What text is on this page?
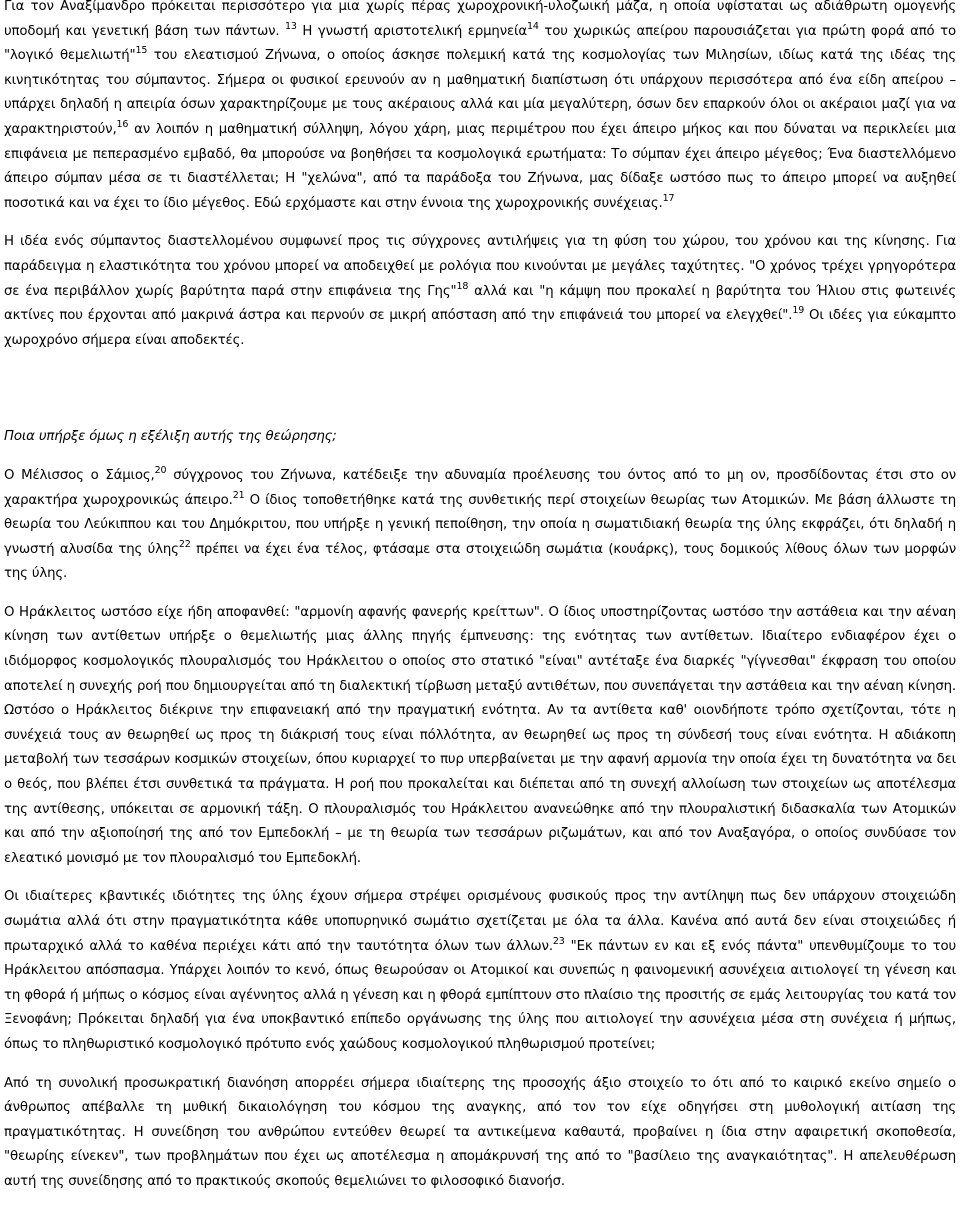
Για τον Αναξίμανδρο πρόκειται περισσότερο για μια χωρίς πέρας χωροχρονική-υλοζωική μάζα, η οποία υφίσταται ως αδιάθρωτη ομογενής υποδομή και γενετική βάση των πάντων. $^{13}$ Η γνωστή αριστοτελική ερμηνεία$^{14}$ του χωρικώς απείρου παρουσιάζεται για πρώτη φορά από το "λογικό θεμελιωτή"$^{15}$ του ελεατισμού Ζήνωνα, ο οποίος άσκησε πολεμική κατά της κοσμολογίας των Μιλησίων, ιδίως κατά της ιδέας της κινητικότητας του σύμπαντος. Σήμερα οι φυσικοί ερευνούν αν η μαθηματική διαπίστωση ότι υπάρχουν περισσότερα από ένα είδη απείρου – υπάρχει δηλαδή η απειρία όσων χαρακτηρίζουμε με τους ακέραιους αλλά και μία μεγαλύτερη, όσων δεν επαρκούν όλοι οι ακέραιοι μαζί για να χαρακτηριστούν,$^{16}$ αν λοιπόν η μαθηματική σύλληψη, λόγου χάρη, μιας περιμέτρου που έχει άπειρο μήκος και που δύναται να περικλείει μια επιφάνεια με πεπερασμένο εμβαδό, θα μπορούσε να βοηθήσει τα κοσμολογικά ερωτήματα: Το σύμπαν έχει άπειρο μέγεθος; Ένα διαστελλόμενο άπειρο σύμπαν μέσα σε τι διαστέλλεται; Η "χελώνα", από τα παράδοξα του Ζήνωνα, μας δίδαξε ωστόσο πως το άπειρο μπορεί να αυξηθεί ποσοτικά και να έχει το ίδιο μέγεθος. Εδώ ερχόμαστε και στην έννοια της χωροχρονικής συνέχειας.$^{17}$

Η ιδέα ενός σύμπαντος διαστελλομένου συμφωνεί προς τις σύγχρονες αντιλήψεις για τη φύση του χώρου, του χρόνου και της κίνησης. Για παράδειγμα η ελαστικότητα του χρόνου μπορεί να αποδειχθεί με ρολόγια που κινούνται με μεγάλες ταχύτητες. "Ο χρόνος τρέχει γρηγορότερα σε ένα περιβάλλον χωρίς βαρύτητα παρά στην επιφάνεια της Γης"$^{18}$ αλλά και "η κάμψη που προκαλεί η βαρύτητα του Ήλιου στις φωτεινές ακτίνες που έρχονται από μακρινά άστρα και περνούν σε μικρή απόσταση από την επιφάνειά του μπορεί να ελεγχθεί".$^{19}$ Οι ιδέες για εύκαμπτο χωροχρόνο σήμερα είναι αποδεκτές.

Ποια υπήρξε όμως η εξέλιξη αυτής της θεώρησης;

Ο Μέλισσος ο Σάμιος,$^{20}$ σύγχρονος του Ζήνωνα, κατέδειξε την αδυναμία προέλευσης του όντος από το μη ον, προσδίδοντας έτσι στο ον χαρακτήρα χωροχρονικώς άπειρο.$^{21}$ Ο ίδιος τοποθετήθηκε κατά της συνθετικής περί στοιχείων θεωρίας των Ατομικών. Με βάση άλλωστε τη θεωρία του Λεύκιππου και του Δημόκριτου, που υπήρξε η γενική πεποίθηση, την οποία η σωματιδιακή θεωρία της ύλης εκφράζει, ότι δηλαδή η γνωστή αλυσίδα της ύλης$^{22}$ πρέπει να έχει ένα τέλος, φτάσαμε στα στοιχειώδη σωμάτια (κουάρκς), τους δομικούς λίθους όλων των μορφών της ύλης.

Ο Ηράκλειτος ωστόσο είχε ήδη αποφανθεί: "αρμονίη αφανής φανερής κρείττων". Ο ίδιος υποστηρίζοντας ωστόσο την αστάθεια και την αέναη κίνηση των αντίθετων υπήρξε ο θεμελιωτής μιας άλλης πηγής έμπνευσης: της ενότητας των αντίθετων. Ιδιαίτερο ενδιαφέρον έχει ο ιδιόμορφος κοσμολογικός πλουραλισμός του Ηράκλειτου ο οποίος στο στατικό "είναι" αντέταξε ένα διαρκές "γίγνεσθαι" έκφραση του οποίου αποτελεί η συνεχής ροή που δημιουργείται από τη διαλεκτική τίρβωση μεταξύ αντιθέτων, που συνεπάγεται την αστάθεια και την αέναη κίνηση. Ωστόσο ο Ηράκλειτος διέκρινε την επιφανειακή από την πραγματική ενότητα. Αν τα αντίθετα καθ' οιονδήποτε τρόπο σχετίζονται, τότε η συνέχειά τους αν θεωρηθεί ως προς τη διάκρισή τους είναι πόλλότητα, αν θεωρηθεί ως προς τη σύνδεσή τους είναι ενότητα. Η αδιάκοπη μεταβολή των τεσσάρων κοσμικών στοιχείων, όπου κυριαρχεί το πυρ υπερβαίνεται με την αφανή αρμονία την οποία έχει τη δυνατότητα να δει ο θεός, που βλέπει έτσι συνθετικά τα πράγματα. Η ροή που προκαλείται και διέπεται από τη συνεχή αλλοίωση των στοιχείων ως αποτέλεσμα της αντίθεσης, υπόκειται σε αρμονική τάξη. Ο πλουραλισμός του Ηράκλειτου ανανεώθηκε από την πλουραλιστική διδασκαλία των Ατομικών και από την αξιοποίησή της από τον Εμπεδοκλή – με τη θεωρία των τεσσάρων ριζωμάτων, και από τον Αναξαγόρα, ο οποίος συνδύασε τον ελεατικό μονισμό με τον πλουραλισμό του Εμπεδοκλή.

Οι ιδιαίτερες κβαντικές ιδιότητες της ύλης έχουν σήμερα στρέψει ορισμένους φυσικούς προς την αντίληψη πως δεν υπάρχουν στοιχειώδη σωμάτια αλλά ότι στην πραγματικότητα κάθε υποπυρηνικό σωμάτιο σχετίζεται με όλα τα άλλα. Κανένα από αυτά δεν είναι στοιχειώδες ή πρωταρχικό αλλά το καθένα περιέχει κάτι από την ταυτότητα όλων των άλλων.$^{23}$ "Εκ πάντων εν και εξ ενός πάντα" υπενθυμίζουμε το του Ηράκλειτου απόσπασμα. Υπάρχει λοιπόν το κενό, όπως θεωρούσαν οι Ατομικοί και συνεπώς η φαινομενική ασυνέχεια αιτιολογεί τη γένεση και τη φθορά ή μήπως ο κόσμος είναι αγέννητος αλλά η γένεση και η φθορά εμπίπτουν στο πλαίσιο της προσιτής σε εμάς λειτουργίας του κατά τον Ξενοφάνη; Πρόκειται δηλαδή για ένα υποκβαντικό επίπεδο οργάνωσης της ύλης που αιτιολογεί την ασυνέχεια μέσα στη συνέχεια ή μήπως, όπως το πληθωριστικό κοσμολογικό πρότυπο ενός χαώδους κοσμολογικού πληθωρισμού προτείνει;

Από τη συνολική προσωκρατική διανόηση απορρέει σήμερα ιδιαίτερης της προσοχής άξιο στοιχείο το ότι από το καιρικό εκείνο σημείο ο άνθρωπος απέβαλλε τη μυθική δικαιολόγηση του κόσμου της αναγκης, από τον τον είχε οδηγήσει στη μυθολογική αιτίαση της πραγματικότητας. Η συνείδηση του ανθρώπου εντεύθεν θεωρεί τα αντικείμενα καθαυτά, προβαίνει η ίδια στην αφαιρετική σκοποθεσία, "θεωρίης είνεκεν", των προβλημάτων που έχει ως αποτέλεσμα η απομάκρυνσή της από το "βασίλειο της αναγκαιότητας". Η απελευθέρωση αυτή της συνείδησης από το πρακτικούς σκοπούς θεμελιώνει το φιλοσοφικό διανοήσ.
